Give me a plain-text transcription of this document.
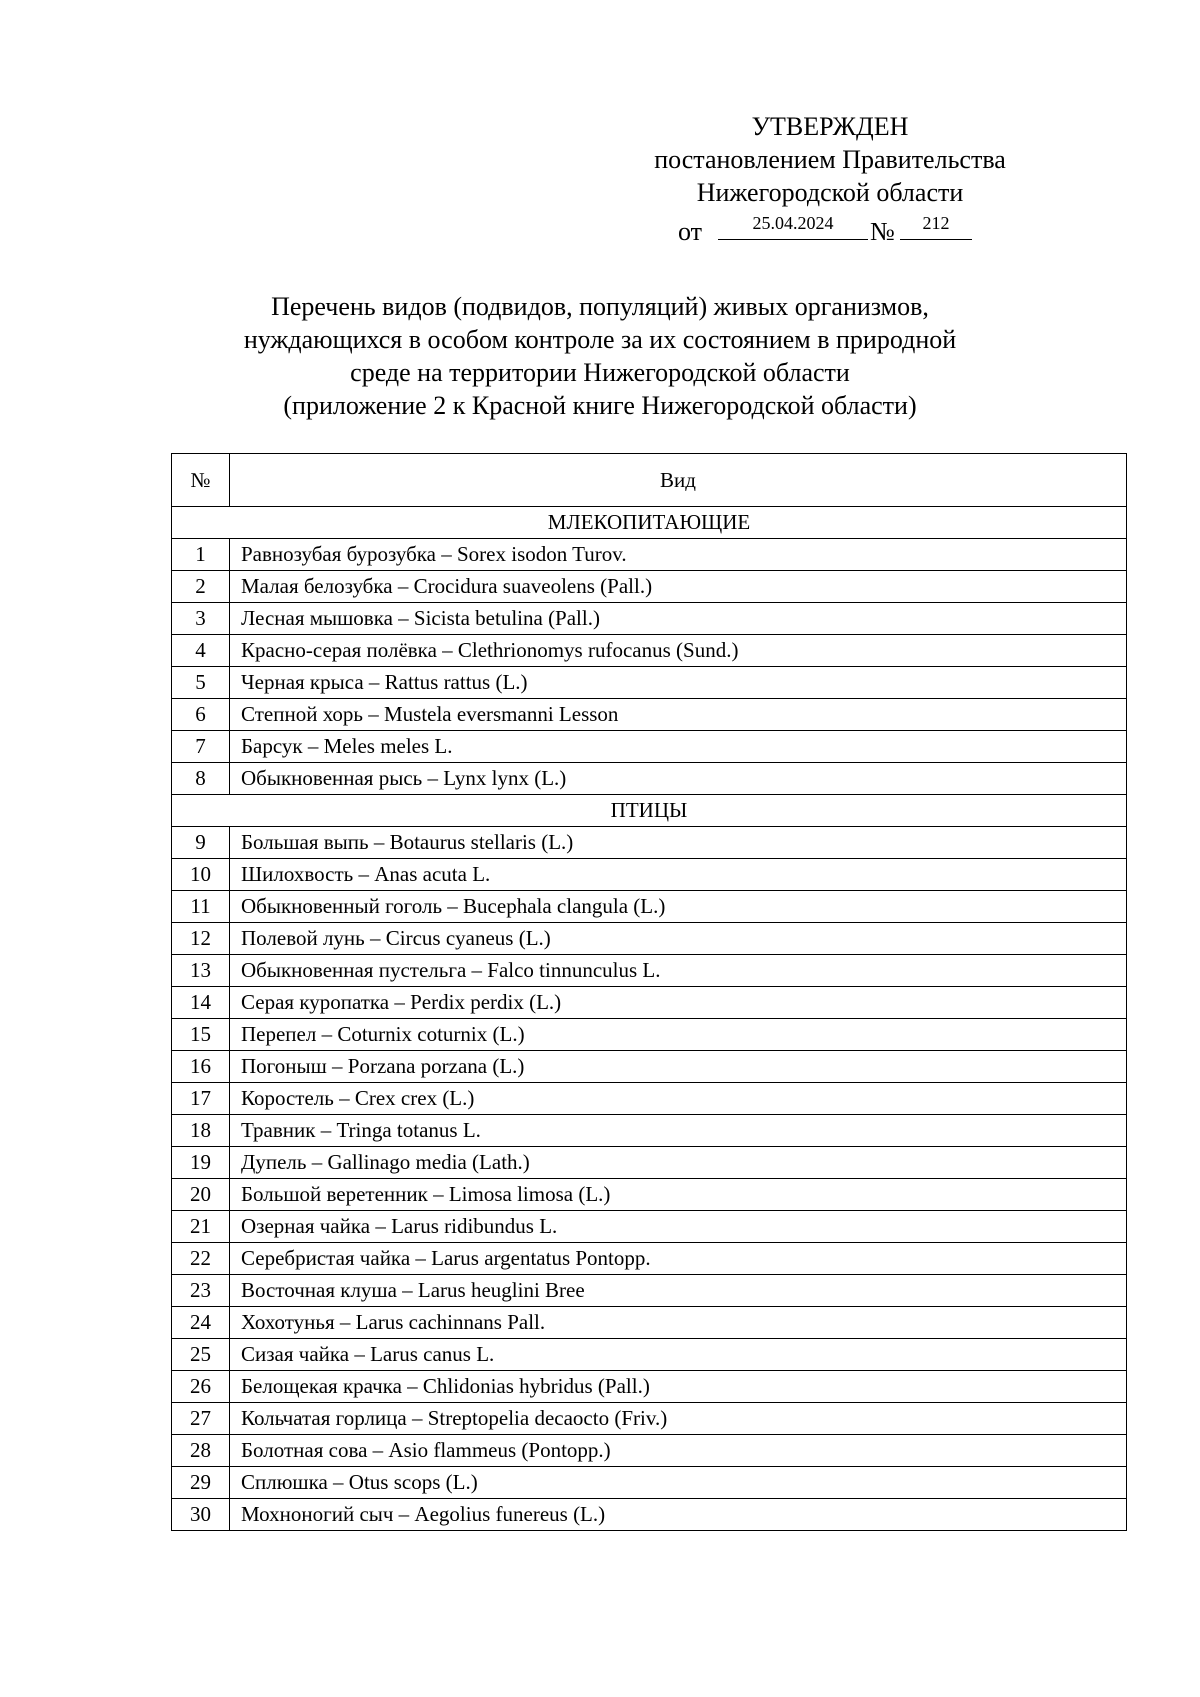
УТВЕРЖДЕН
постановлением Правительства
Нижегородской области
от	25.04.2024	№	212
Перечень видов (подвидов, популяций) живых организмов,
нуждающихся в особом контроле за их состоянием в природной
среде на территории Нижегородской области
(приложение 2 к Красной книге Нижегородской области)
№	Вид
МЛЕКОПИТАЮЩИЕ	
1	Равнозубая бурозубка – Sorex isodon Turov.
2	Малая белозубка – Crocidura suaveolens (Pall.)
3	Лесная мышовка – Sicista betulina (Pall.)
4	Красно-серая полёвка – Clethrionomys rufocanus (Sund.)
5	Черная крыса – Rattus rattus (L.)
6	Степной хорь – Mustela eversmanni Lesson
7	Барсук – Meles meles L.
8	Обыкновенная рысь – Lynx lynx (L.)
ПТИЦЫ	
9	Большая выпь – Botaurus stellaris (L.)
10	Шилохвость – Anas acuta L.
11	Обыкновенный гоголь – Bucephala clangula (L.)
12	Полевой лунь – Circus cyaneus (L.)
13	Обыкновенная пустельга – Falco tinnunculus L.
14	Серая куропатка – Perdix perdix (L.)
15	Перепел – Coturnix coturnix (L.)
16	Погоныш – Porzana porzana (L.)
17	Коростель – Crex crex (L.)
18	Травник – Tringa totanus L.
19	Дупель – Gallinago media (Lath.)
20	Большой веретенник – Limosa limosa (L.)
21	Озерная чайка – Larus ridibundus L.
22	Серебристая чайка – Larus argentatus Pontopp.
23	Восточная клуша – Larus heuglini Bree
24	Хохотунья – Larus cachinnans Pall.
25	Сизая чайка – Larus canus L.
26	Белощекая крачка – Chlidonias hybridus (Pall.)
27	Кольчатая горлица – Streptopelia decaocto (Friv.)
28	Болотная сова – Asio flammeus (Pontopp.)
29	Сплюшка – Otus scops (L.)
30	Мохноногий сыч – Aegolius funereus (L.)
